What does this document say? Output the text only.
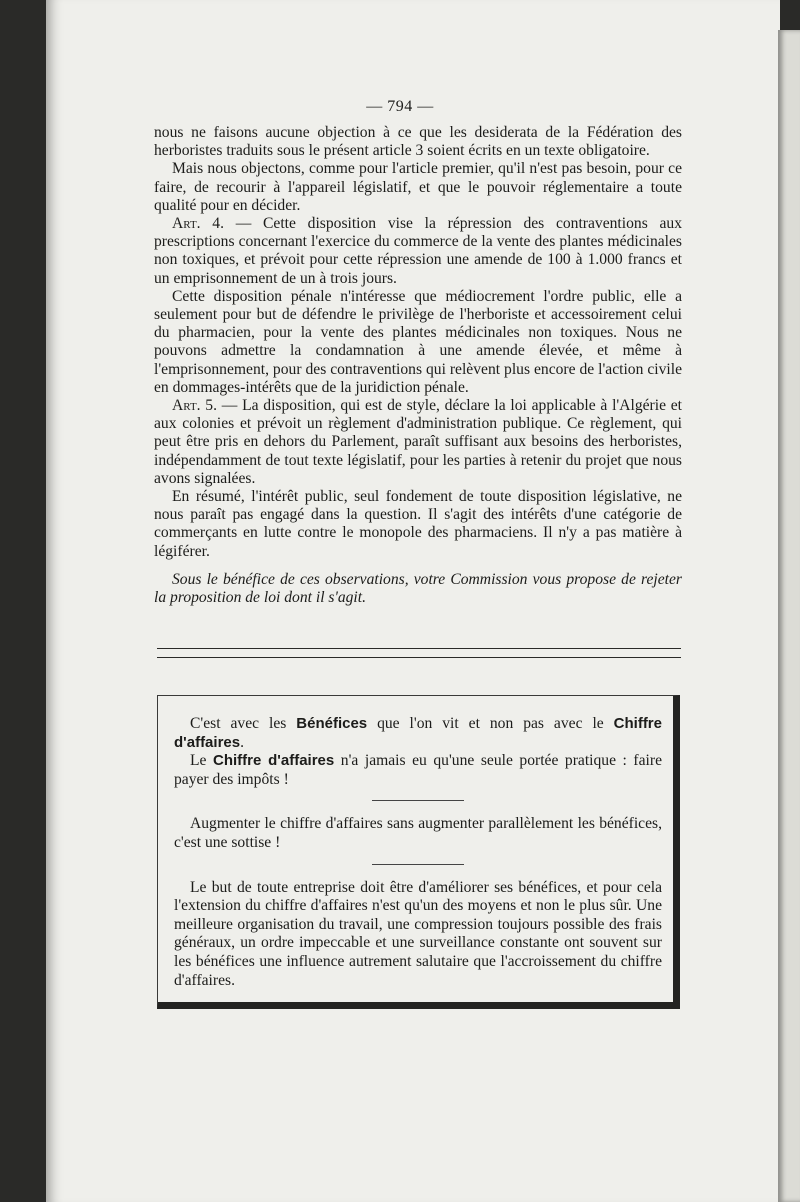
— 794 —

nous ne faisons aucune objection à ce que les desiderata de la Fédération des herboristes traduits sous le présent article 3 soient écrits en un texte obligatoire.

Mais nous objectons, comme pour l'article premier, qu'il n'est pas besoin, pour ce faire, de recourir à l'appareil législatif, et que le pouvoir réglementaire a toute qualité pour en décider.

Art. 4. — Cette disposition vise la répression des contraventions aux prescriptions concernant l'exercice du commerce de la vente des plantes médicinales non toxiques, et prévoit pour cette répression une amende de 100 à 1.000 francs et un emprisonnement de un à trois jours.

Cette disposition pénale n'intéresse que médiocrement l'ordre public, elle a seulement pour but de défendre le privilège de l'herboriste et accessoirement celui du pharmacien, pour la vente des plantes médicinales non toxiques. Nous ne pouvons admettre la condamnation à une amende élevée, et même à l'emprisonnement, pour des contraventions qui relèvent plus encore de l'action civile en dommages-intérêts que de la juridiction pénale.

Art. 5. — La disposition, qui est de style, déclare la loi applicable à l'Algérie et aux colonies et prévoit un règlement d'administration publique. Ce règlement, qui peut être pris en dehors du Parlement, paraît suffisant aux besoins des herboristes, indépendamment de tout texte législatif, pour les parties à retenir du projet que nous avons signalées.

En résumé, l'intérêt public, seul fondement de toute disposition législative, ne nous paraît pas engagé dans la question. Il s'agit des intérêts d'une catégorie de commerçants en lutte contre le monopole des pharmaciens. Il n'y a pas matière à légiférer.

Sous le bénéfice de ces observations, votre Commission vous propose de rejeter la proposition de loi dont il s'agit.

C'est avec les Bénéfices que l'on vit et non pas avec le Chiffre d'affaires.

Le Chiffre d'affaires n'a jamais eu qu'une seule portée pratique : faire payer des impôts !

Augmenter le chiffre d'affaires sans augmenter parallèlement les bénéfices, c'est une sottise !

Le but de toute entreprise doit être d'améliorer ses bénéfices, et pour cela l'extension du chiffre d'affaires n'est qu'un des moyens et non le plus sûr. Une meilleure organisation du travail, une compression toujours possible des frais généraux, un ordre impeccable et une surveillance constante ont souvent sur les bénéfices une influence autrement salutaire que l'accroissement du chiffre d'affaires.
